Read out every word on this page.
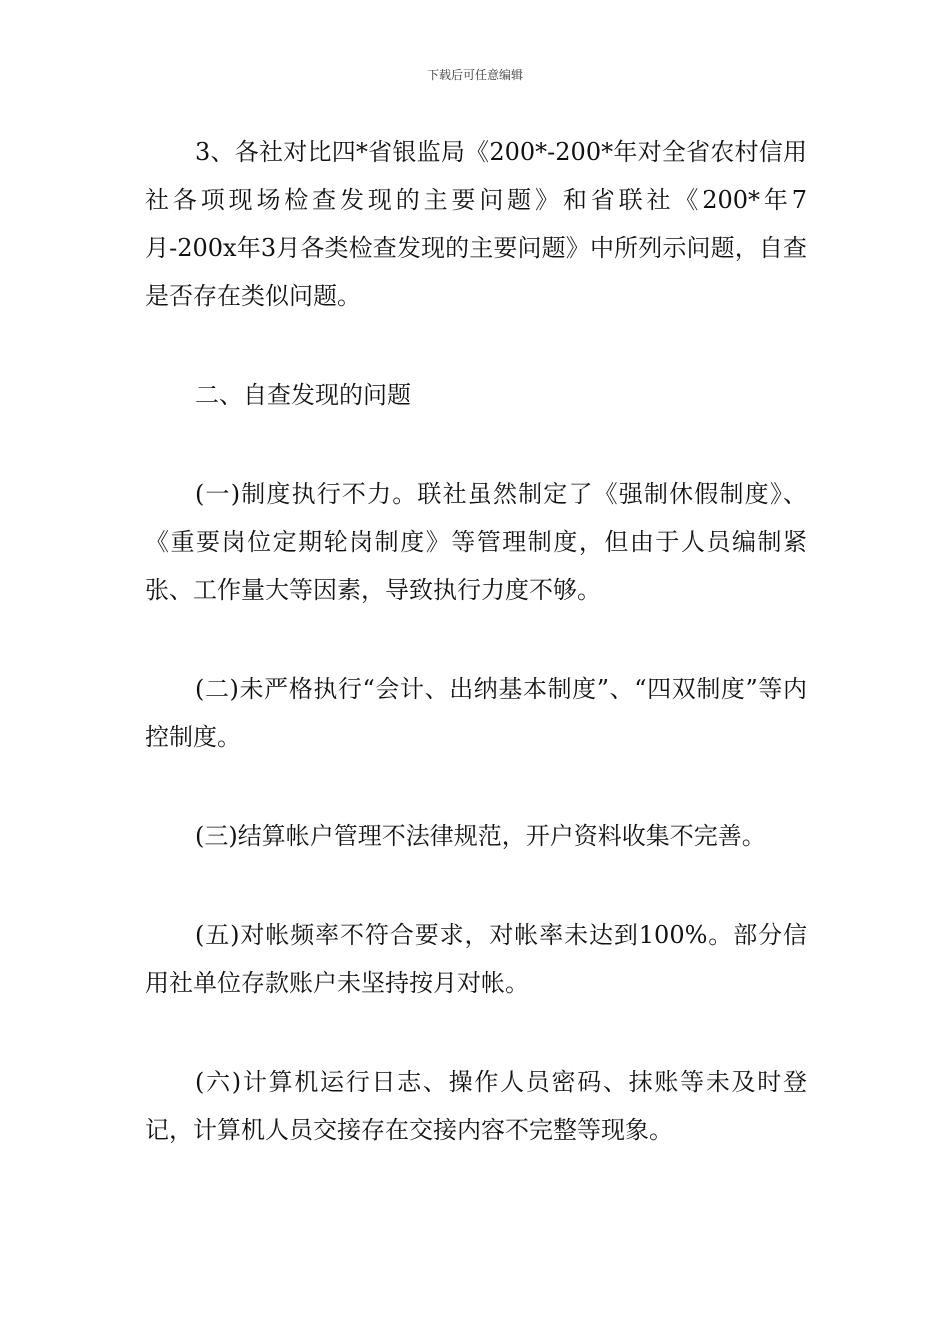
下载后可任意编辑

3、各社对比四*省银监局《200*-200*年对全省农村信用社各项现场检查发现的主要问题》和省联社《200*年7月-200x年3月各类检查发现的主要问题》中所列示问题，自查是否存在类似问题。

二、自查发现的问题

(一)制度执行不力。联社虽然制定了《强制休假制度》、《重要岗位定期轮岗制度》等管理制度，但由于人员编制紧张、工作量大等因素，导致执行力度不够。

(二)未严格执行“会计、出纳基本制度”、“四双制度”等内控制度。

(三)结算帐户管理不法律规范，开户资料收集不完善。

(五)对帐频率不符合要求，对帐率未达到100%。部分信用社单位存款账户未坚持按月对帐。

(六)计算机运行日志、操作人员密码、抹账等未及时登记，计算机人员交接存在交接内容不完整等现象。
